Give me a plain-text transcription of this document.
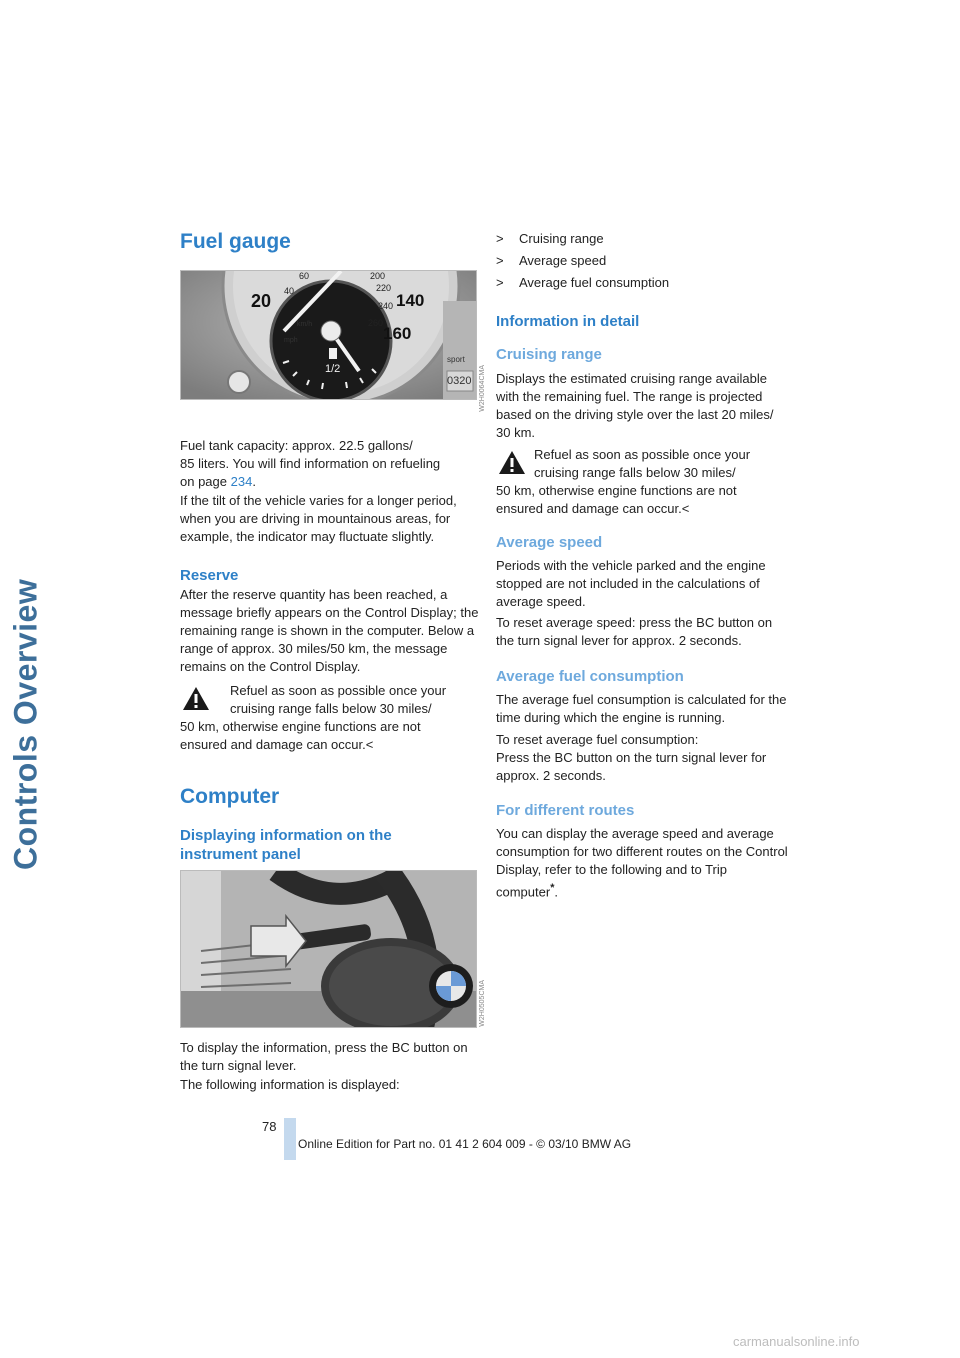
Controls Overview
Fuel gauge
20 40
60	200
220
240 140
260
160
km/h
mph
1/2
sport
0320 W2H0064CMA

Fuel tank capacity: approx. 22.5 gallons/
85 liters. You will find information on refueling
on page 234.

If the tilt of the vehicle varies for a longer period, when you are driving in mountainous areas, for example, the indicator may fluctuate slightly.

Reserve

After the reserve quantity has been reached, a message briefly appears on the Control Display; the remaining range is shown in the computer. Below a range of approx. 30 miles/50 km, the message remains on the Control Display.

Refuel as soon as possible once your
cruising range falls below 30 miles/

50 km, otherwise engine functions are not ensured and damage can occur.<

Computer
Displaying information on the instrument panel
W2H0505CMA

To display the information, press the BC button on the turn signal lever.

The following information is displayed:

> Cruising range
> Average speed
> Average fuel consumption
Information in detail
Cruising range

Displays the estimated cruising range available with the remaining fuel. The range is projected based on the driving style over the last 20 miles/ 30 km.

Refuel as soon as possible once your
cruising range falls below 30 miles/

50 km, otherwise engine functions are not ensured and damage can occur.<

Average speed

Periods with the vehicle parked and the engine stopped are not included in the calculations of average speed.

To reset average speed: press the BC button on the turn signal lever for approx. 2 seconds.

Average fuel consumption

The average fuel consumption is calculated for the time during which the engine is running.

To reset average fuel consumption:
Press the BC button on the turn signal lever for approx. 2 seconds.

For different routes

You can display the average speed and average consumption for two different routes on the Control Display, refer to the following and to Trip computer*.

78
Online Edition for Part no. 01 41 2 604 009 - © 03/10 BMW AG
carmanualsonline.info
